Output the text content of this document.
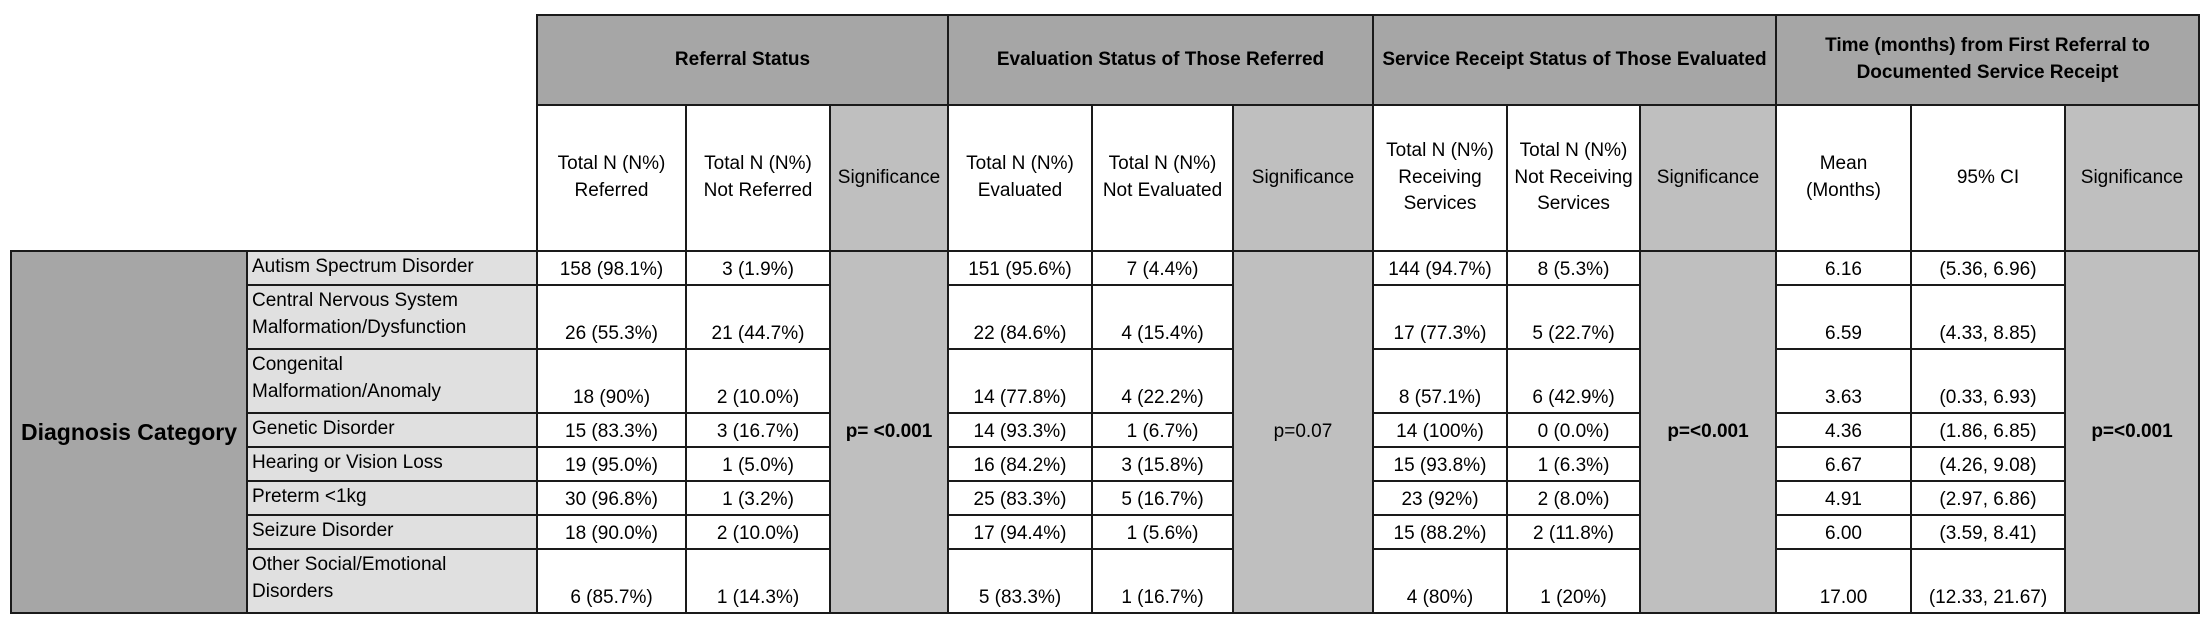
		Referral Status			Evaluation Status of Those Referred			Service Receipt Status of Those Evaluated			Time (months) from First Referral to Documented Service Receipt		
		Total N (N%) Referred	Total N (N%) Not Referred	Significance	Total N (N%) Evaluated	Total N (N%) Not Evaluated	Significance	Total N (N%) Receiving Services	Total N (N%) Not Receiving Services	Significance	Mean (Months)	95% CI	Significance
Diagnosis Category	Autism Spectrum Disorder	158 (98.1%)	3 (1.9%)	p= <0.001	151 (95.6%)	7 (4.4%)	p=0.07	144 (94.7%)	8 (5.3%)	p=<0.001	6.16	(5.36, 6.96)	p=<0.001
	Central Nervous System Malformation/Dysfunction	26 (55.3%)	21 (44.7%)		22 (84.6%)	4 (15.4%)		17 (77.3%)	5 (22.7%)		6.59	(4.33, 8.85)	
	Congenital Malformation/Anomaly	18 (90%)	2 (10.0%)		14 (77.8%)	4 (22.2%)		8 (57.1%)	6 (42.9%)		3.63	(0.33, 6.93)	
	Genetic Disorder	15 (83.3%)	3 (16.7%)		14 (93.3%)	1 (6.7%)		14 (100%)	0 (0.0%)		4.36	(1.86, 6.85)	
	Hearing or Vision Loss	19 (95.0%)	1 (5.0%)		16 (84.2%)	3 (15.8%)		15 (93.8%)	1 (6.3%)		6.67	(4.26, 9.08)	
	Preterm <1kg	30 (96.8%)	1 (3.2%)		25 (83.3%)	5 (16.7%)		23 (92%)	2 (8.0%)		4.91	(2.97, 6.86)	
	Seizure Disorder	18 (90.0%)	2 (10.0%)		17 (94.4%)	1 (5.6%)		15 (88.2%)	2 (11.8%)		6.00	(3.59, 8.41)	
	Other Social/Emotional Disorders	6 (85.7%)	1 (14.3%)		5 (83.3%)	1 (16.7%)		4 (80%)	1 (20%)		17.00	(12.33, 21.67)	
